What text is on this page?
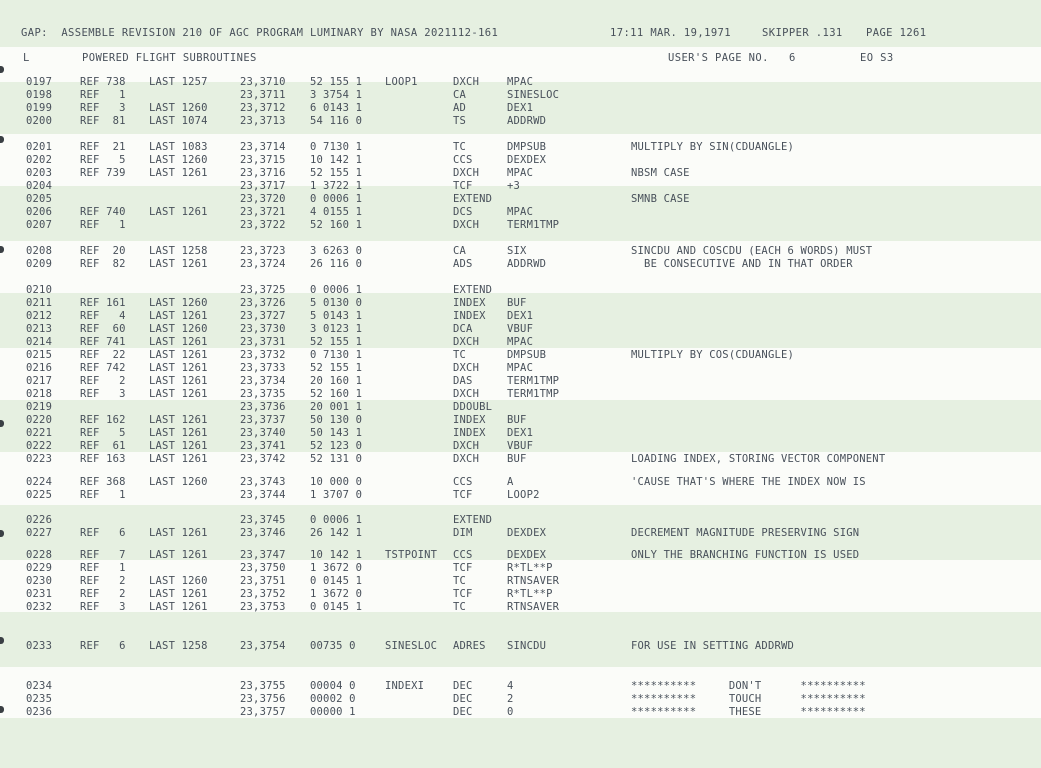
GAP:  ASSEMBLE REVISION 210 OF AGC PROGRAM LUMINARY BY NASA 2021112-161	17:11 MAR. 19,1971	SKIPPER .131 PAGE 1261
L	POWERED FLIGHT SUBROUTINES	USER'S PAGE NO.   6	EO S3
0197	REF 738 LAST 1257	23,3710 52 155 1 LOOP1	DXCH	MPAC
0198	REF   1	23,3711 3 3754 1	CA	SINESLOC
0199	REF   3 LAST 1260	23,3712 6 0143 1	AD	DEX1
0200	REF  81 LAST 1074	23,3713 54 116 0	TS	ADDRWD
0201	REF  21 LAST 1083	23,3714 0 7130 1	TC	DMPSUB	MULTIPLY BY SIN(CDUANGLE)
0202	REF   5 LAST 1260	23,3715 10 142 1	CCS	DEXDEX
0203	REF 739 LAST 1261	23,3716 52 155 1	DXCH	MPAC	NBSM CASE
0204	23,3717 1 3722 1	TCF	+3
0205	23,3720 0 0006 1	EXTEND	SMNB CASE
0206	REF 740 LAST 1261	23,3721 4 0155 1	DCS	MPAC
0207	REF   1	23,3722 52 160 1	DXCH	TERM1TMP
0208	REF  20 LAST 1258	23,3723 3 6263 0	CA	SIX	SINCDU AND COSCDU (EACH 6 WORDS) MUST
0209	REF  82 LAST 1261	23,3724 26 116 0	ADS	ADDRWD	BE CONSECUTIVE AND IN THAT ORDER
0210	23,3725 0 0006 1	EXTEND
0211	REF 161 LAST 1260	23,3726 5 0130 0	INDEX BUF
0212	REF   4 LAST 1261	23,3727 5 0143 1	INDEX DEX1
0213	REF  60 LAST 1260	23,3730 3 0123 1	DCA	VBUF
0214	REF 741 LAST 1261	23,3731 52 155 1	DXCH	MPAC
0215	REF  22 LAST 1261	23,3732 0 7130 1	TC	DMPSUB	MULTIPLY BY COS(CDUANGLE)
0216	REF 742 LAST 1261	23,3733 52 155 1	DXCH	MPAC
0217	REF   2 LAST 1261	23,3734 20 160 1	DAS	TERM1TMP
0218	REF   3 LAST 1261	23,3735 52 160 1	DXCH	TERM1TMP
0219	23,3736 20 001 1	DDOUBL
0220	REF 162 LAST 1261	23,3737 50 130 0	INDEX BUF
0221	REF   5 LAST 1261	23,3740 50 143 1	INDEX DEX1
0222	REF  61 LAST 1261	23,3741 52 123 0	DXCH	VBUF
0223	REF 163 LAST 1261	23,3742 52 131 0	DXCH	BUF	LOADING INDEX, STORING VECTOR COMPONENT
0224	REF 368 LAST 1260	23,3743 10 000 0	CCS	A	'CAUSE THAT'S WHERE THE INDEX NOW IS
0225	REF   1	23,3744 1 3707 0	TCF	LOOP2
0226	23,3745 0 0006 1	EXTEND
0227	REF   6 LAST 1261	23,3746 26 142 1	DIM	DEXDEX	DECREMENT MAGNITUDE PRESERVING SIGN
0228	REF   7 LAST 1261	23,3747 10 142 1 TSTPOINT CCS	DEXDEX	ONLY THE BRANCHING FUNCTION IS USED
0229	REF   1	23,3750 1 3672 0	TCF	R*TL**P
0230	REF   2 LAST 1260	23,3751 0 0145 1	TC	RTNSAVER
0231	REF   2 LAST 1261	23,3752 1 3672 0	TCF	R*TL**P
0232	REF   3 LAST 1261	23,3753 0 0145 1	TC	RTNSAVER
0233	REF   6 LAST 1258	23,3754 00735 0	SINESLOC ADRES SINCDU	FOR USE IN SETTING ADDRWD
0234	23,3755 00004 0	INDEXI	DEC	4	**********     DON'T      **********
0235	23,3756 00002 0	DEC	2	**********     TOUCH      **********
0236	23,3757 00000 1	DEC	0	**********     THESE      **********
